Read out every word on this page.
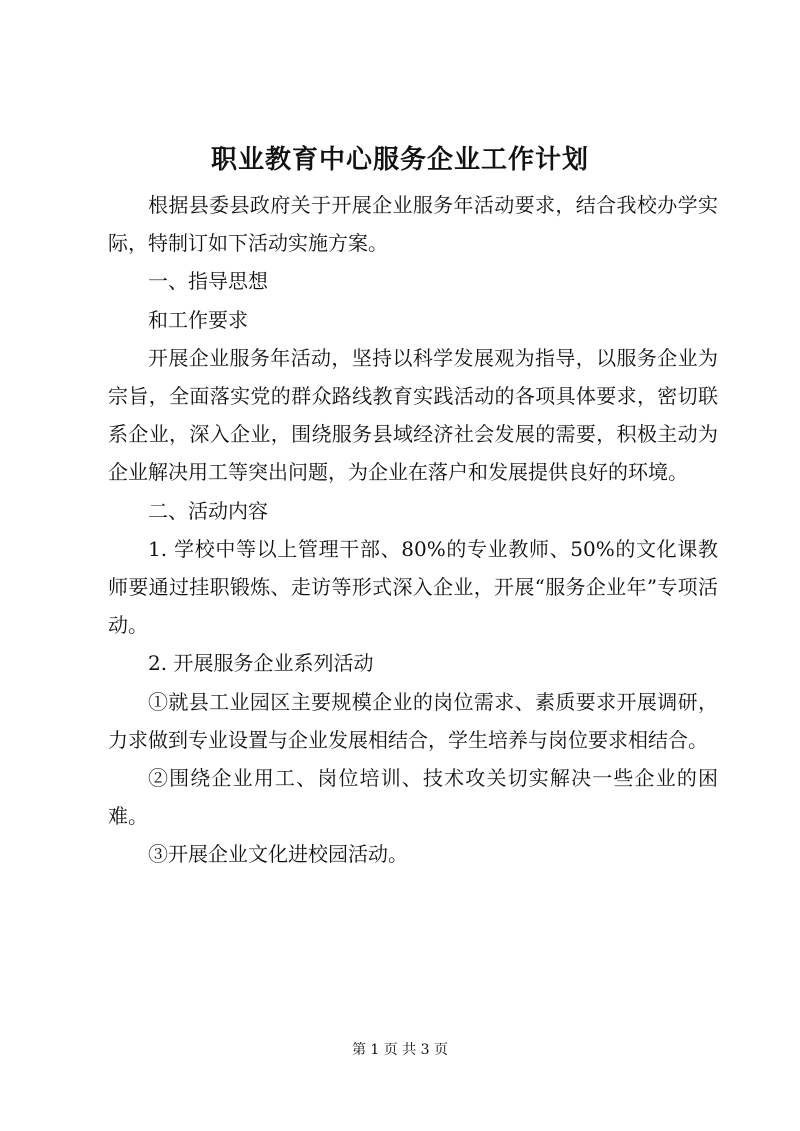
职业教育中心服务企业工作计划

根据县委县政府关于开展企业服务年活动要求，结合我校办学实际，特制订如下活动实施方案。

一、指导思想

和工作要求

开展企业服务年活动，坚持以科学发展观为指导，以服务企业为宗旨，全面落实党的群众路线教育实践活动的各项具体要求，密切联系企业，深入企业，围绕服务县域经济社会发展的需要，积极主动为企业解决用工等突出问题，为企业在落户和发展提供良好的环境。

二、活动内容

1. 学校中等以上管理干部、80%的专业教师、50%的文化课教师要通过挂职锻炼、走访等形式深入企业，开展“服务企业年”专项活动。

2. 开展服务企业系列活动

①就县工业园区主要规模企业的岗位需求、素质要求开展调研，力求做到专业设置与企业发展相结合，学生培养与岗位要求相结合。

②围绕企业用工、岗位培训、技术攻关切实解决一些企业的困难。

③开展企业文化进校园活动。

第 1 页 共 3 页
